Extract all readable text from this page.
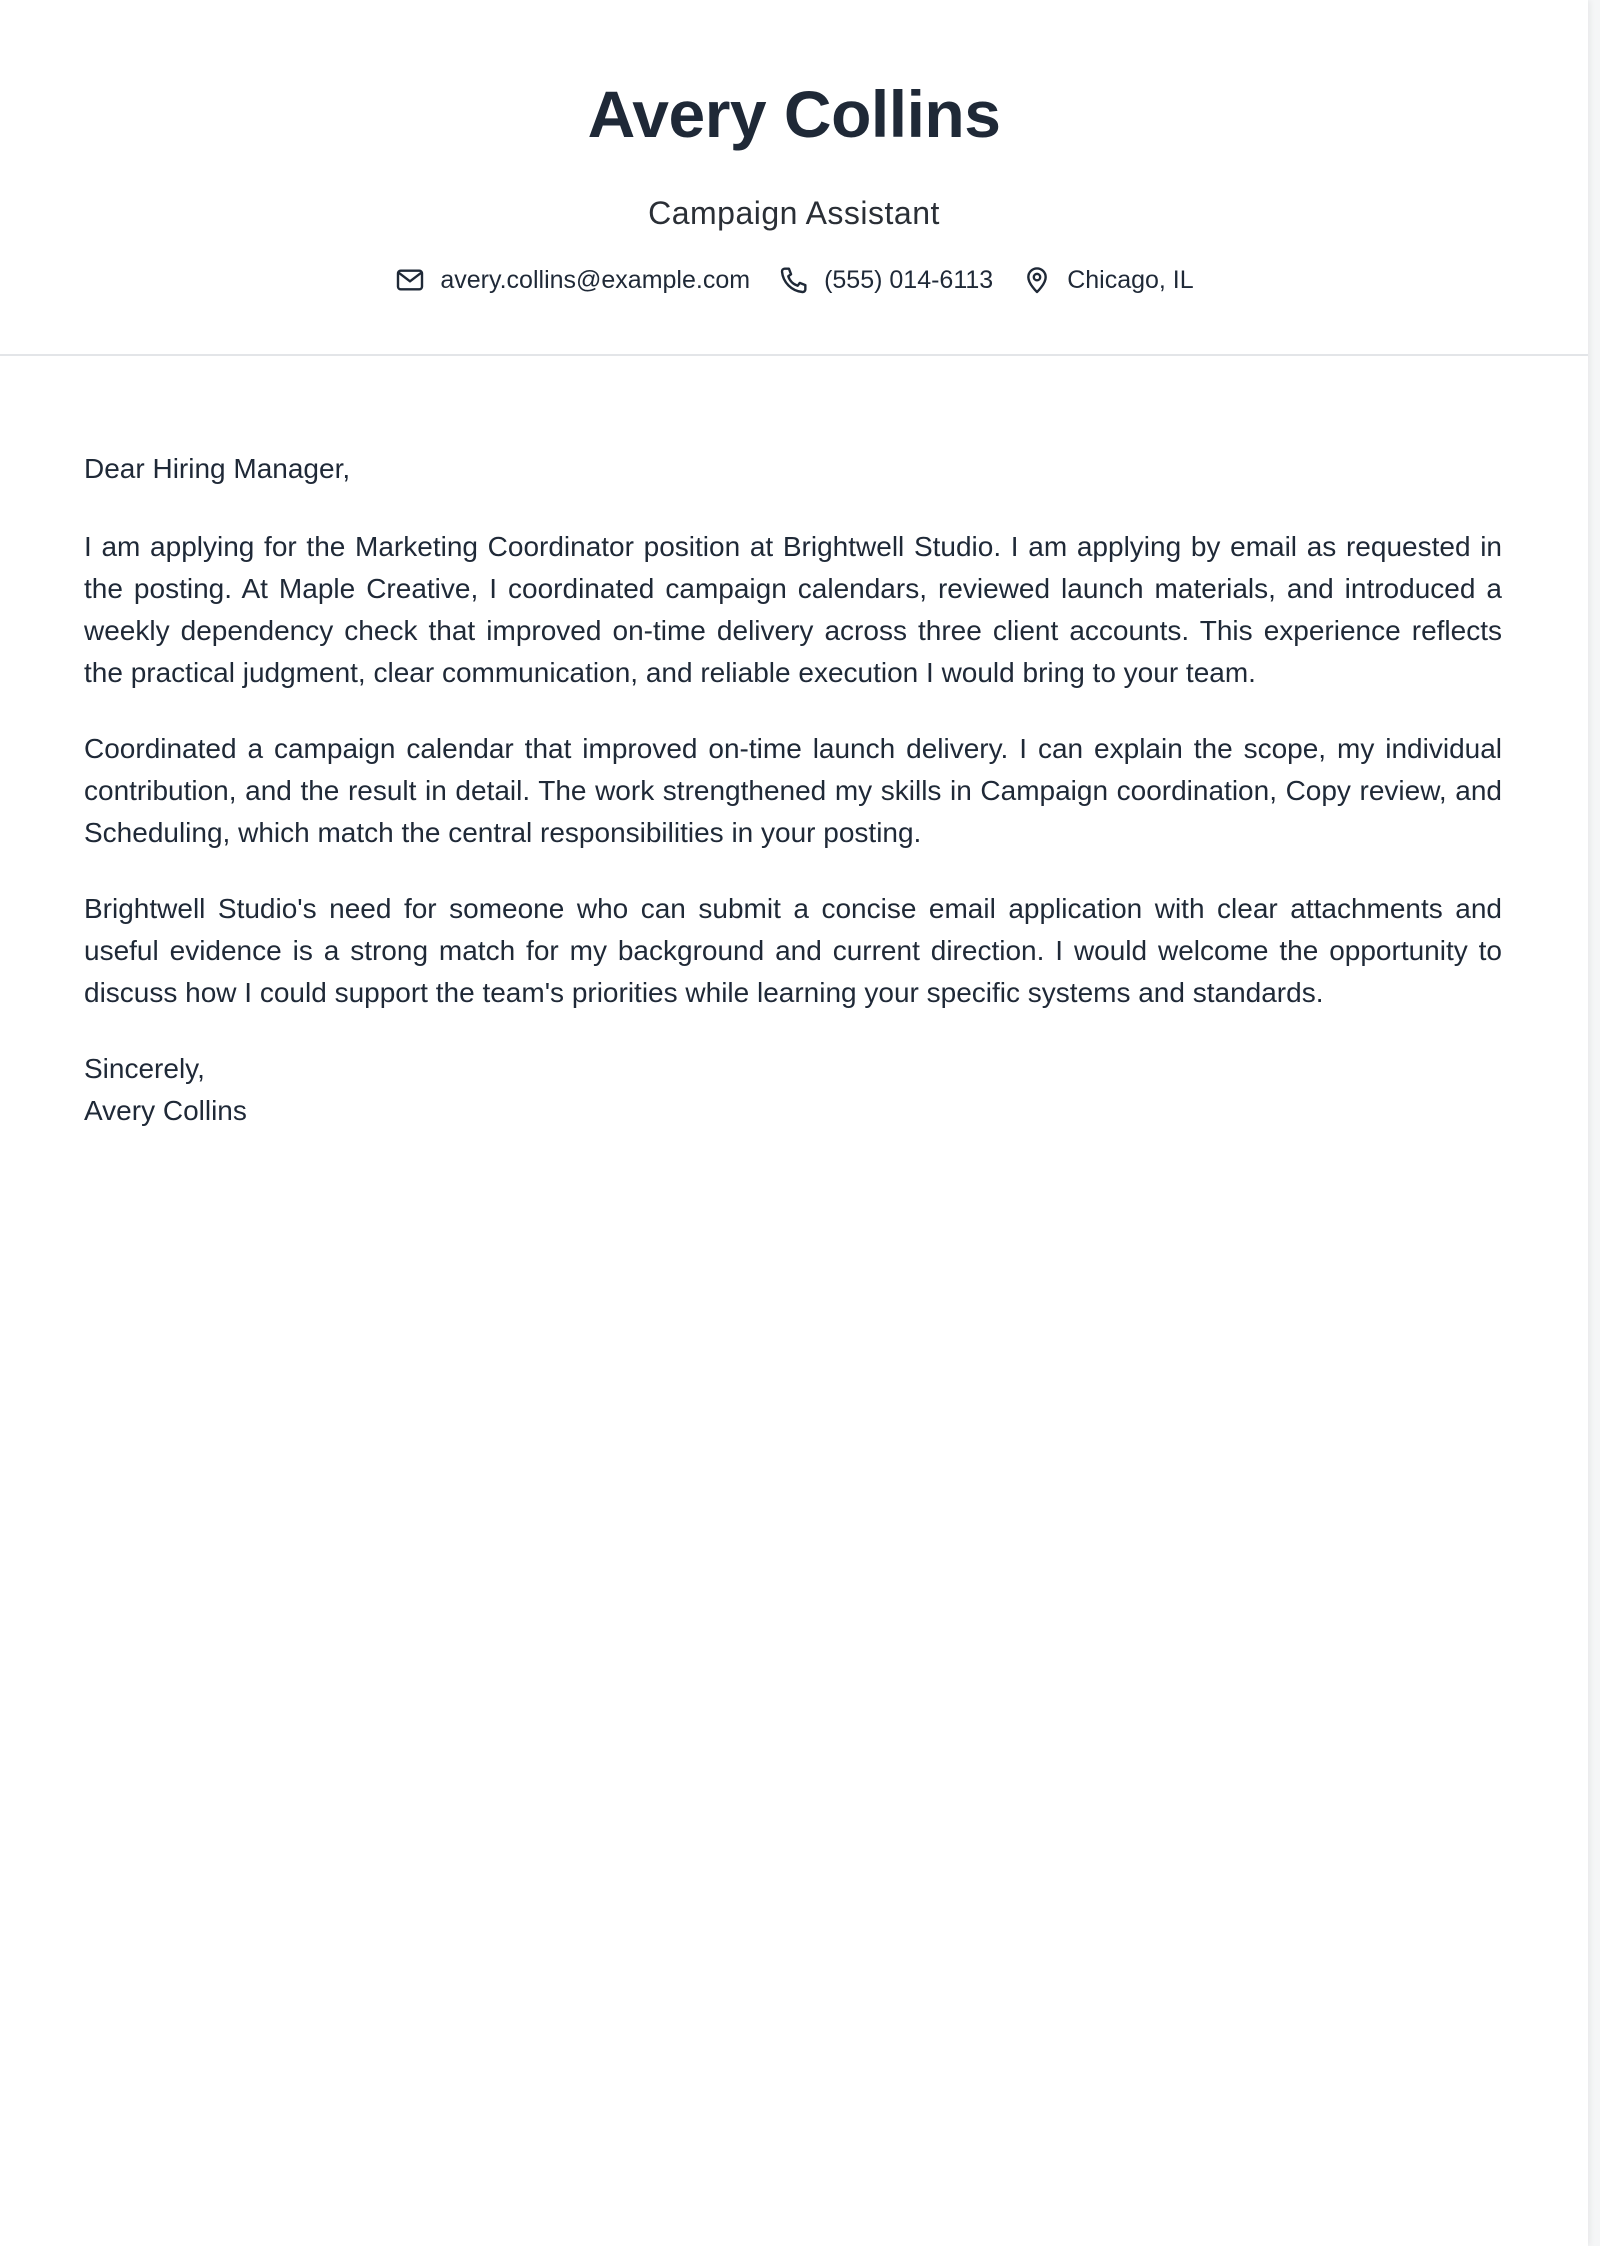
Avery Collins
Campaign Assistant
avery.collins@example.com	(555) 014-6113	Chicago, IL

Dear Hiring Manager,

I am applying for the Marketing Coordinator position at Brightwell Studio. I am applying by email as requested in the posting. At Maple Creative, I coordinated campaign calendars, reviewed launch materials, and introduced a weekly dependency check that improved on-time delivery across three client accounts. This experience reflects the practical judgment, clear communication, and reliable execution I would bring to your team.

Coordinated a campaign calendar that improved on-time launch delivery. I can explain the scope, my individual contribution, and the result in detail. The work strengthened my skills in Campaign coordination, Copy review, and Scheduling, which match the central responsibilities in your posting.

Brightwell Studio's need for someone who can submit a concise email application with clear attachments and useful evidence is a strong match for my background and current direction. I would welcome the opportunity to discuss how I could support the team's priorities while learning your specific systems and standards.

Sincerely,
Avery Collins
